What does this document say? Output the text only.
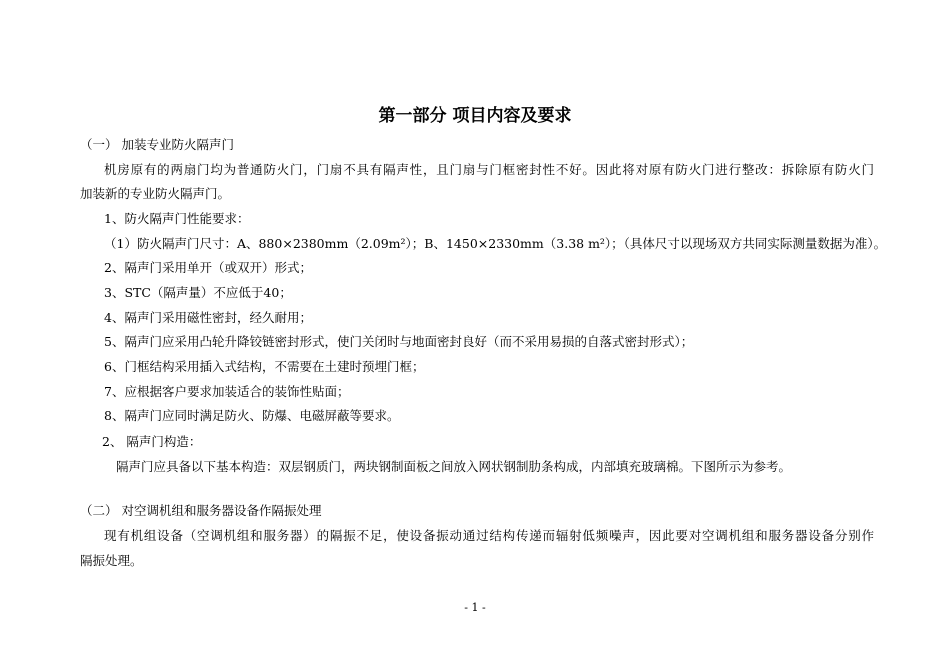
第一部分 项目内容及要求
（一） 加装专业防火隔声门
机房原有的两扇门均为普通防火门，门扇不具有隔声性，且门扇与门框密封性不好。因此将对原有防火门进行整改：拆除原有防火门
加装新的专业防火隔声门。
1、防火隔声门性能要求：
（1）防火隔声门尺寸：A、880×2380mm（2.09m²）；B、1450×2330mm（3.38 m²）；（具体尺寸以现场双方共同实际测量数据为准）。
2、隔声门采用单开（或双开）形式；
3、STC（隔声量）不应低于40；
4、隔声门采用磁性密封，经久耐用；
5、隔声门应采用凸轮升降铰链密封形式，使门关闭时与地面密封良好（而不采用易损的自落式密封形式）；
6、门框结构采用插入式结构，不需要在土建时预埋门框；
7、应根据客户要求加装适合的装饰性贴面；
8、隔声门应同时满足防火、防爆、电磁屏蔽等要求。
2、 隔声门构造：
隔声门应具备以下基本构造：双层钢质门，两块钢制面板之间放入网状钢制肋条构成，内部填充玻璃棉。下图所示为参考。
（二） 对空调机组和服务器设备作隔振处理
现有机组设备（空调机组和服务器）的隔振不足，使设备振动通过结构传递而辐射低频噪声，因此要对空调机组和服务器设备分别作
隔振处理。
- 1 -
